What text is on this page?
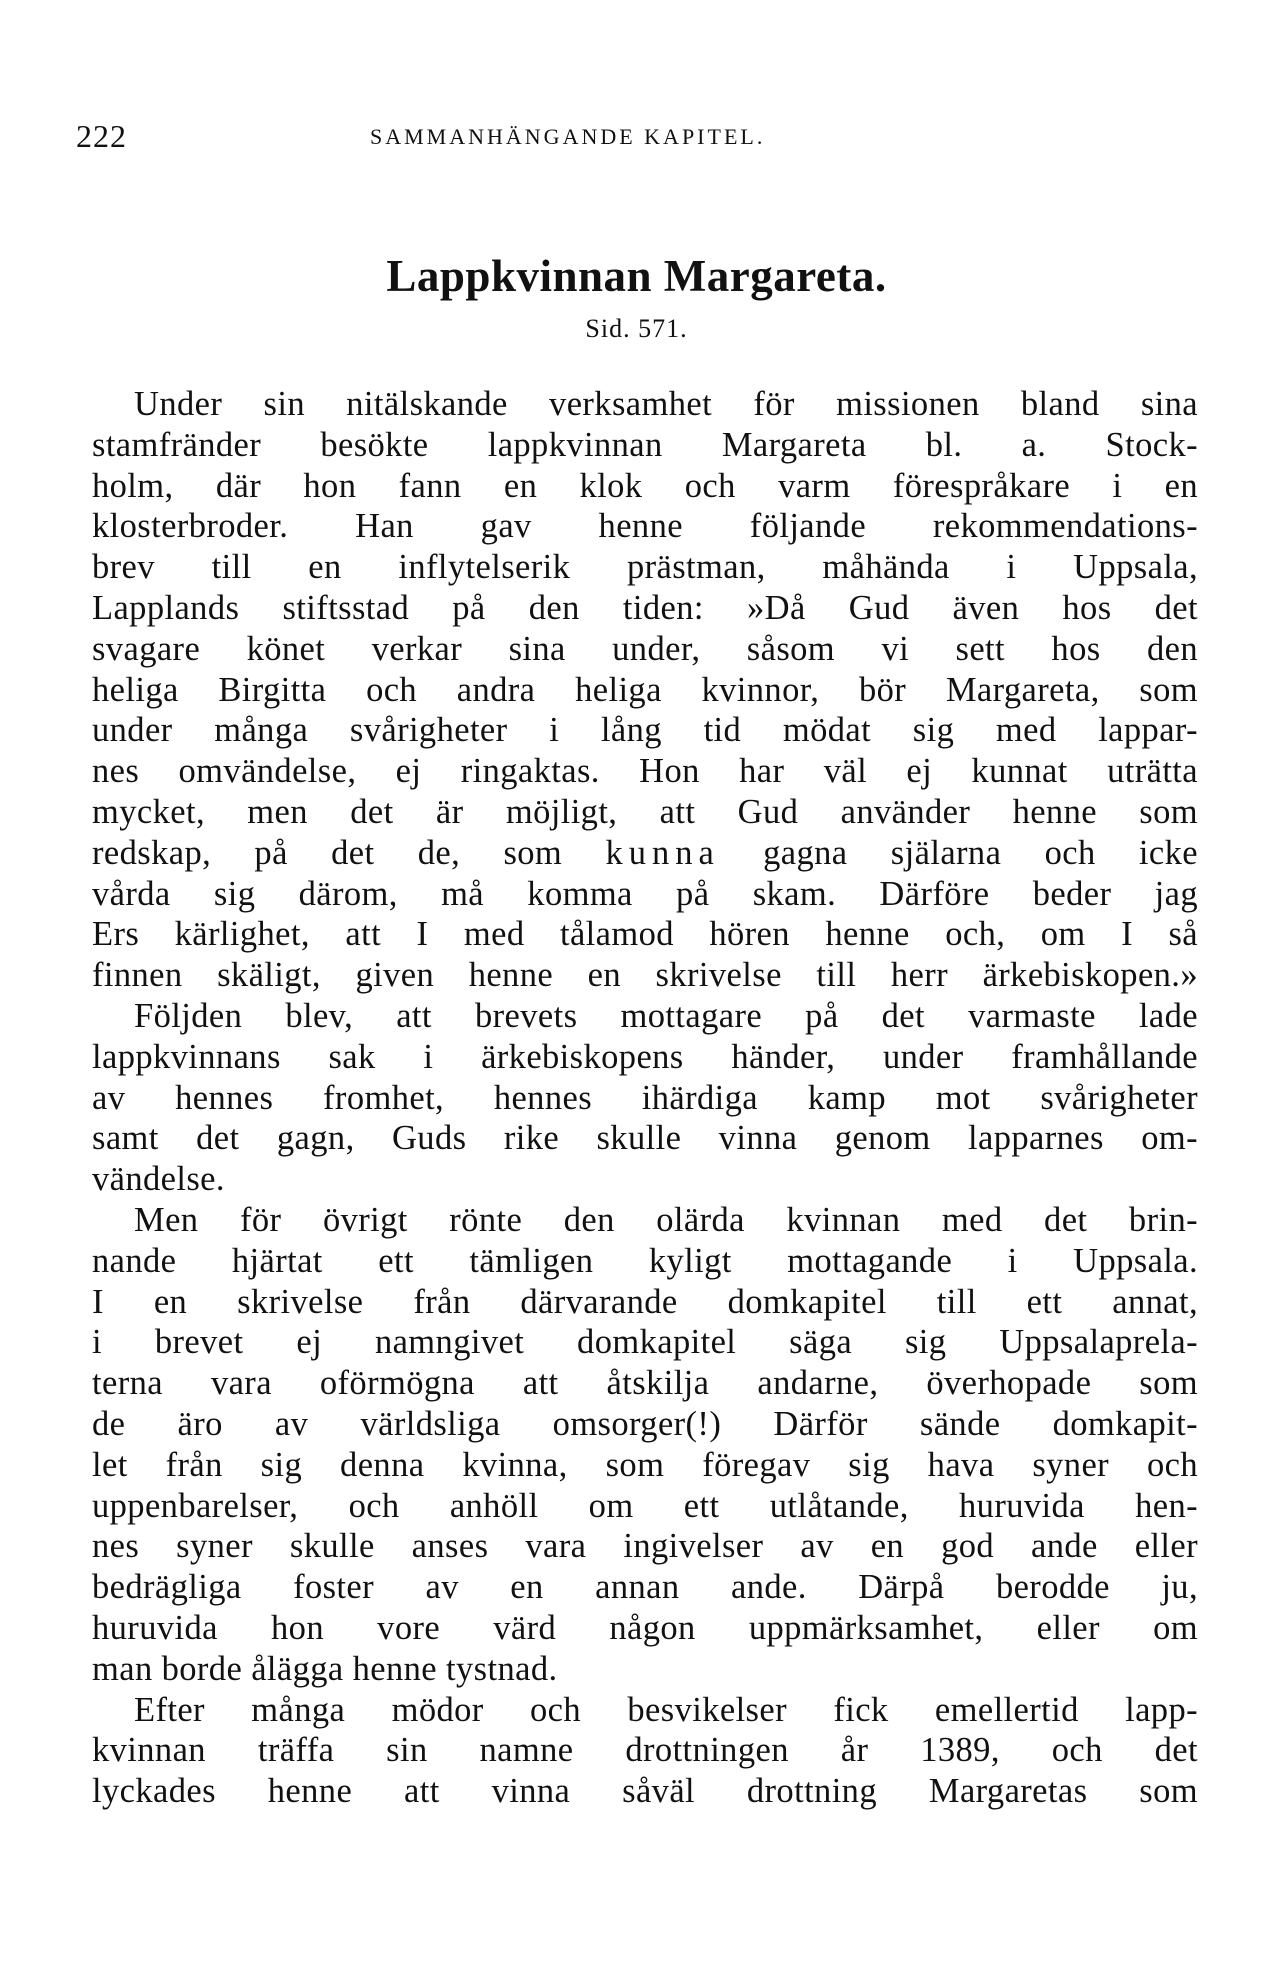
222	SAMMANHÄNGANDE KAPITEL.
Lappkvinnan Margareta.
Sid. 571.
Under sin nitälskande verksamhet för missionen bland sina
stamfränder besökte lappkvinnan Margareta bl. a. Stock-
holm, där hon fann en klok och varm förespråkare i en
klosterbroder. Han gav henne följande rekommendations-
brev till en inflytelserik prästman, måhända i Uppsala,
Lapplands stiftsstad på den tiden: »Då Gud även hos det
svagare könet verkar sina under, såsom vi sett hos den
heliga Birgitta och andra heliga kvinnor, bör Margareta, som
under många svårigheter i lång tid mödat sig med lappar-
nes omvändelse, ej ringaktas. Hon har väl ej kunnat uträtta
mycket, men det är möjligt, att Gud använder henne som
redskap, på det de, som kunna gagna själarna och icke
vårda sig därom, må komma på skam. Därföre beder jag
Ers kärlighet, att I med tålamod hören henne och, om I så
finnen skäligt, given henne en skrivelse till herr ärkebiskopen.»
Följden blev, att brevets mottagare på det varmaste lade
lappkvinnans sak i ärkebiskopens händer, under framhållande
av hennes fromhet, hennes ihärdiga kamp mot svårigheter
samt det gagn, Guds rike skulle vinna genom lapparnes om-
vändelse.
Men för övrigt rönte den olärda kvinnan med det brin-
nande hjärtat ett tämligen kyligt mottagande i Uppsala.
I en skrivelse från därvarande domkapitel till ett annat,
i brevet ej namngivet domkapitel säga sig Uppsalaprela-
terna vara oförmögna att åtskilja andarne, överhopade som
de äro av världsliga omsorger(!) Därför sände domkapit-
let från sig denna kvinna, som föregav sig hava syner och
uppenbarelser, och anhöll om ett utlåtande, huruvida hen-
nes syner skulle anses vara ingivelser av en god ande eller
bedrägliga foster av en annan ande. Därpå berodde ju,
huruvida hon vore värd någon uppmärksamhet, eller om
man borde ålägga henne tystnad.
Efter många mödor och besvikelser fick emellertid lapp-
kvinnan träffa sin namne drottningen år 1389, och det
lyckades henne att vinna såväl drottning Margaretas som
